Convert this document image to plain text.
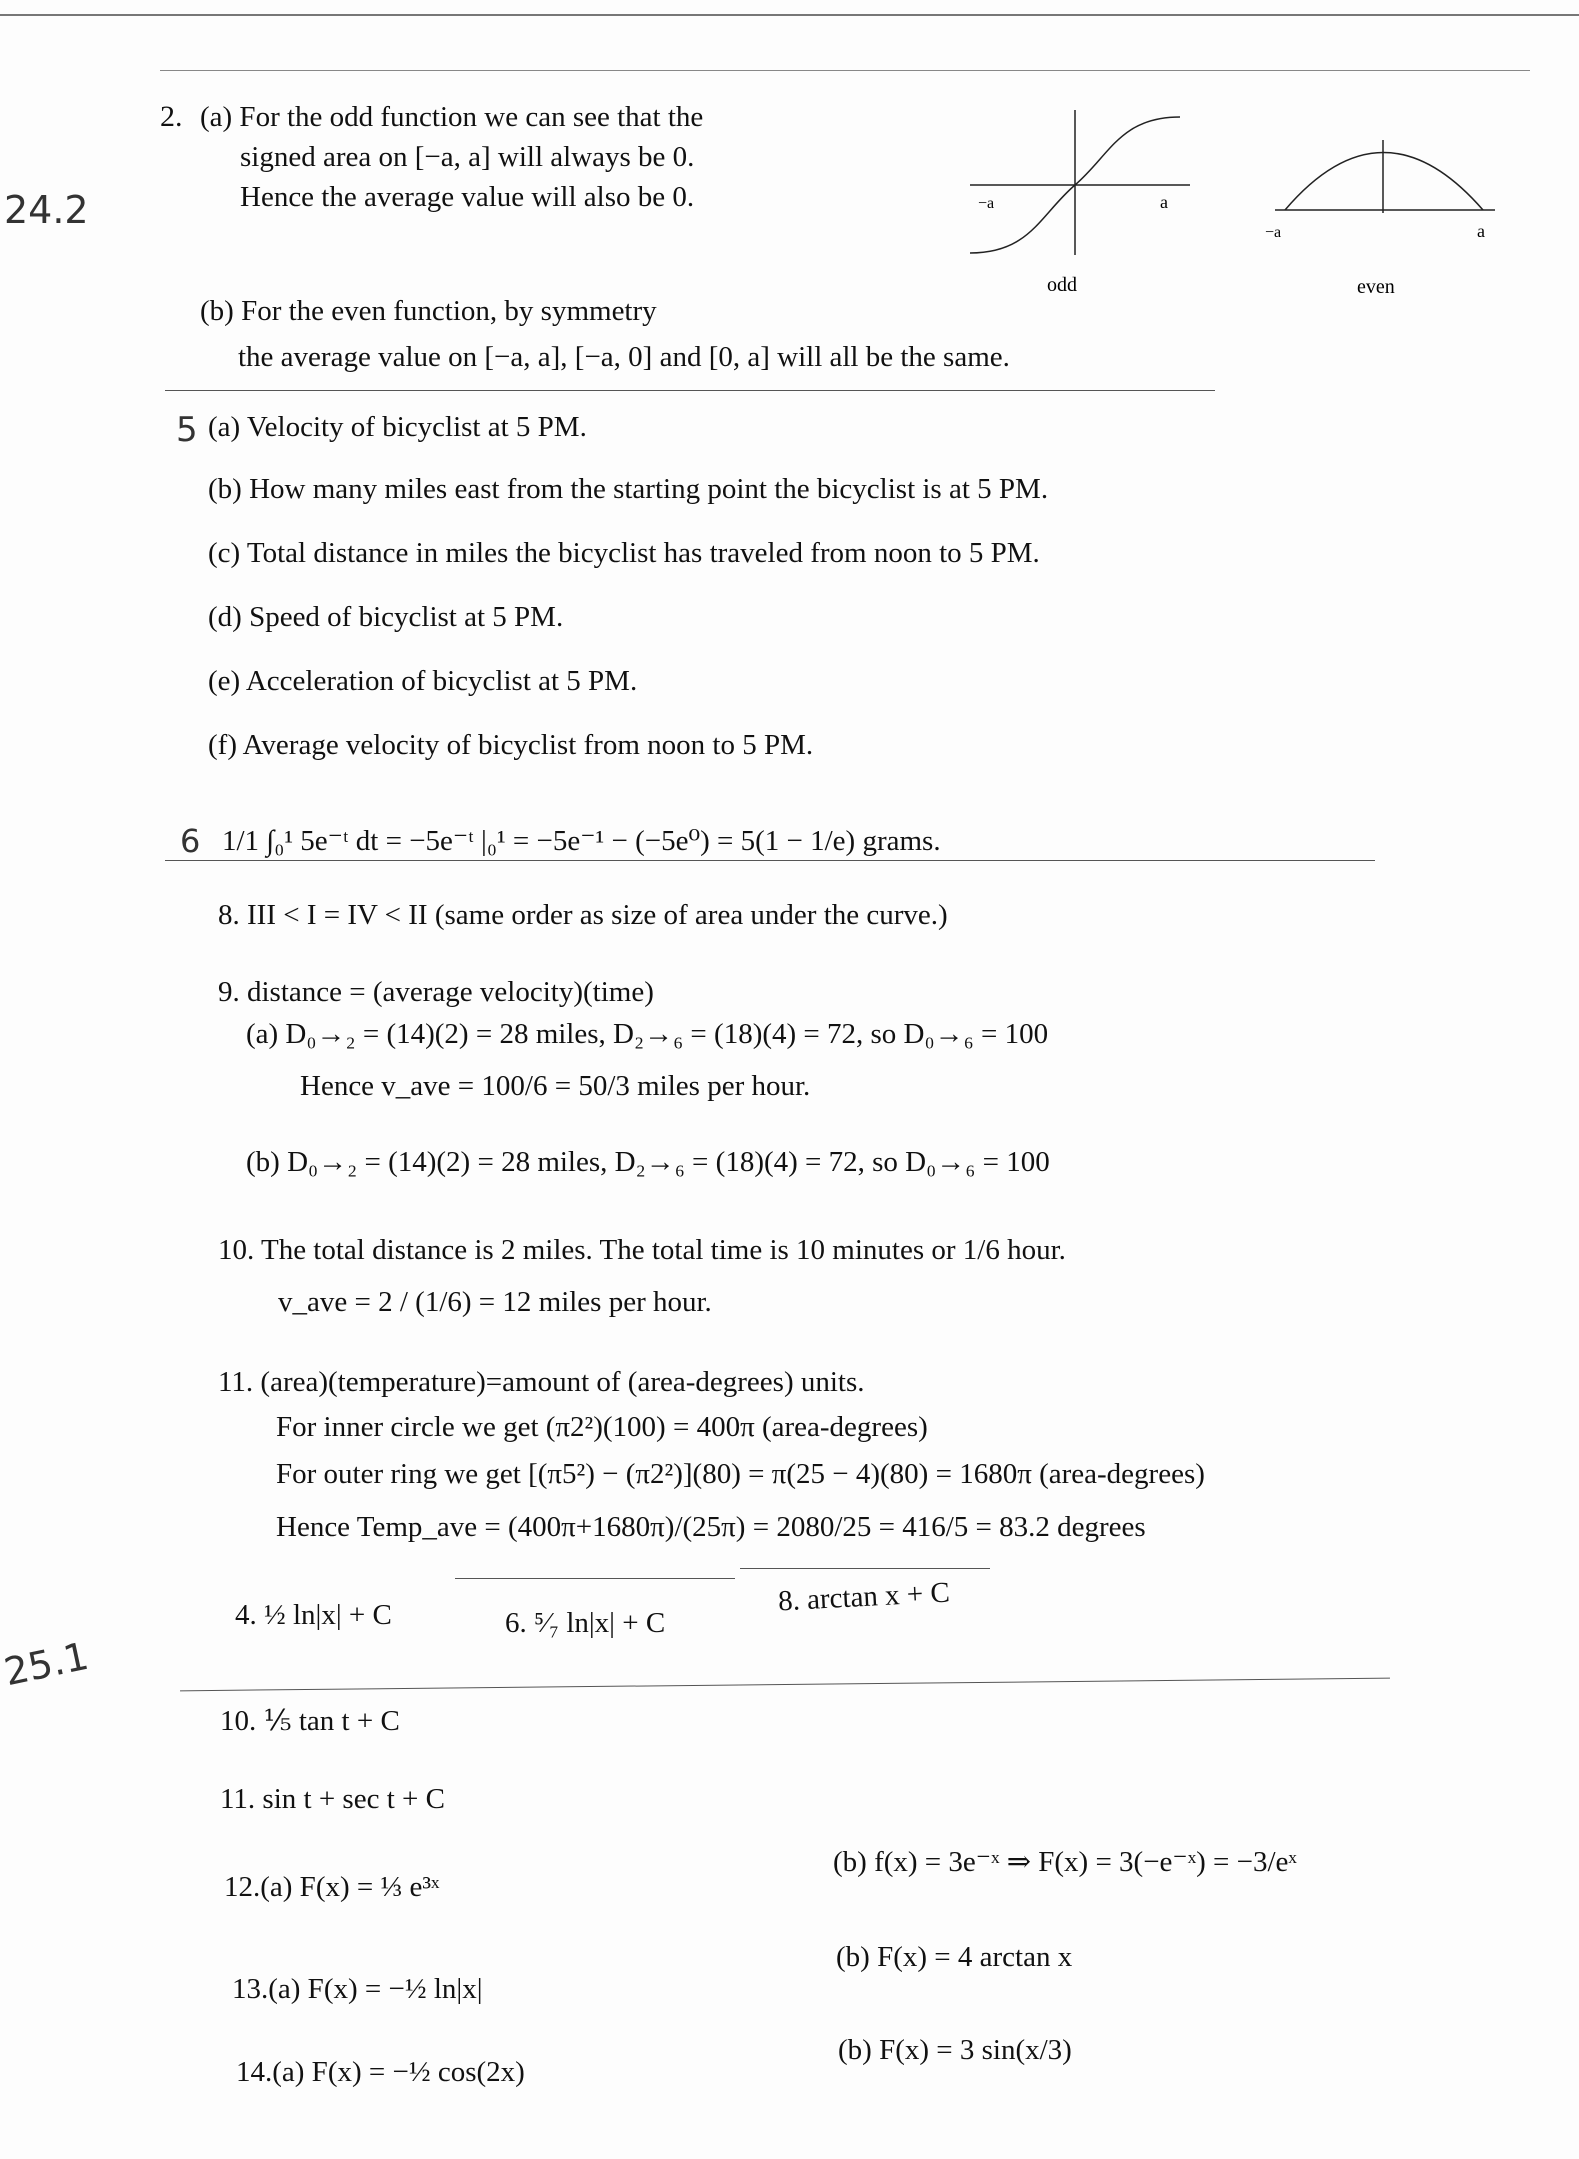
24.2
25.1
2. (a) For the odd function we can see that the
signed area on [−a, a] will always be 0.
Hence the average value will also be 0.	−a	a
odd
−a	a
even
(b) For the even function, by symmetry
the average value on [−a, a], [−a, 0] and [0, a] will all be the same.
5 (a) Velocity of bicyclist at 5 PM.
(b) How many miles east from the starting point the bicyclist is at 5 PM.
(c) Total distance in miles the bicyclist has traveled from noon to 5 PM.
(d) Speed of bicyclist at 5 PM.
(e) Acceleration of bicyclist at 5 PM.
(f) Average velocity of bicyclist from noon to 5 PM.
6 1/1 ∫₀¹ 5e⁻ᵗ dt = −5e⁻ᵗ |₀¹ = −5e⁻¹ − (−5e⁰) = 5(1 − 1/e) grams.
8. III < I = IV < II (same order as size of area under the curve.)
9. distance = (average velocity)(time)
(a) D₀→₂ = (14)(2) = 28 miles, D₂→₆ = (18)(4) = 72, so D₀→₆ = 100
Hence v_ave = 100/6 = 50/3 miles per hour.
(b) D₀→₂ = (14)(2) = 28 miles, D₂→₆ = (18)(4) = 72, so D₀→₆ = 100
10. The total distance is 2 miles. The total time is 10 minutes or 1/6 hour.
v_ave = 2 / (1/6) = 12 miles per hour.
11. (area)(temperature)=amount of (area-degrees) units.
For inner circle we get (π2²)(100) = 400π (area-degrees)
For outer ring we get [(π5²) − (π2²)](80) = π(25 − 4)(80) = 1680π (area-degrees)
Hence Temp_ave = (400π+1680π)/(25π) = 2080/25 = 416/5 = 83.2 degrees
4. ½ ln|x| + C	6. ⁵⁄₇ ln|x| + C
8. arctan x + C
10. ⅕ tan t + C
11. sin t + sec t + C
12.(a) F(x) = ⅓ e³ˣ
(b) f(x) = 3e⁻ˣ ⇒ F(x) = 3(−e⁻ˣ) = −3/eˣ
13.(a) F(x) = −½ ln|x|
(b) F(x) = 4 arctan x
14.(a) F(x) = −½ cos(2x)
(b) F(x) = 3 sin(x/3)
